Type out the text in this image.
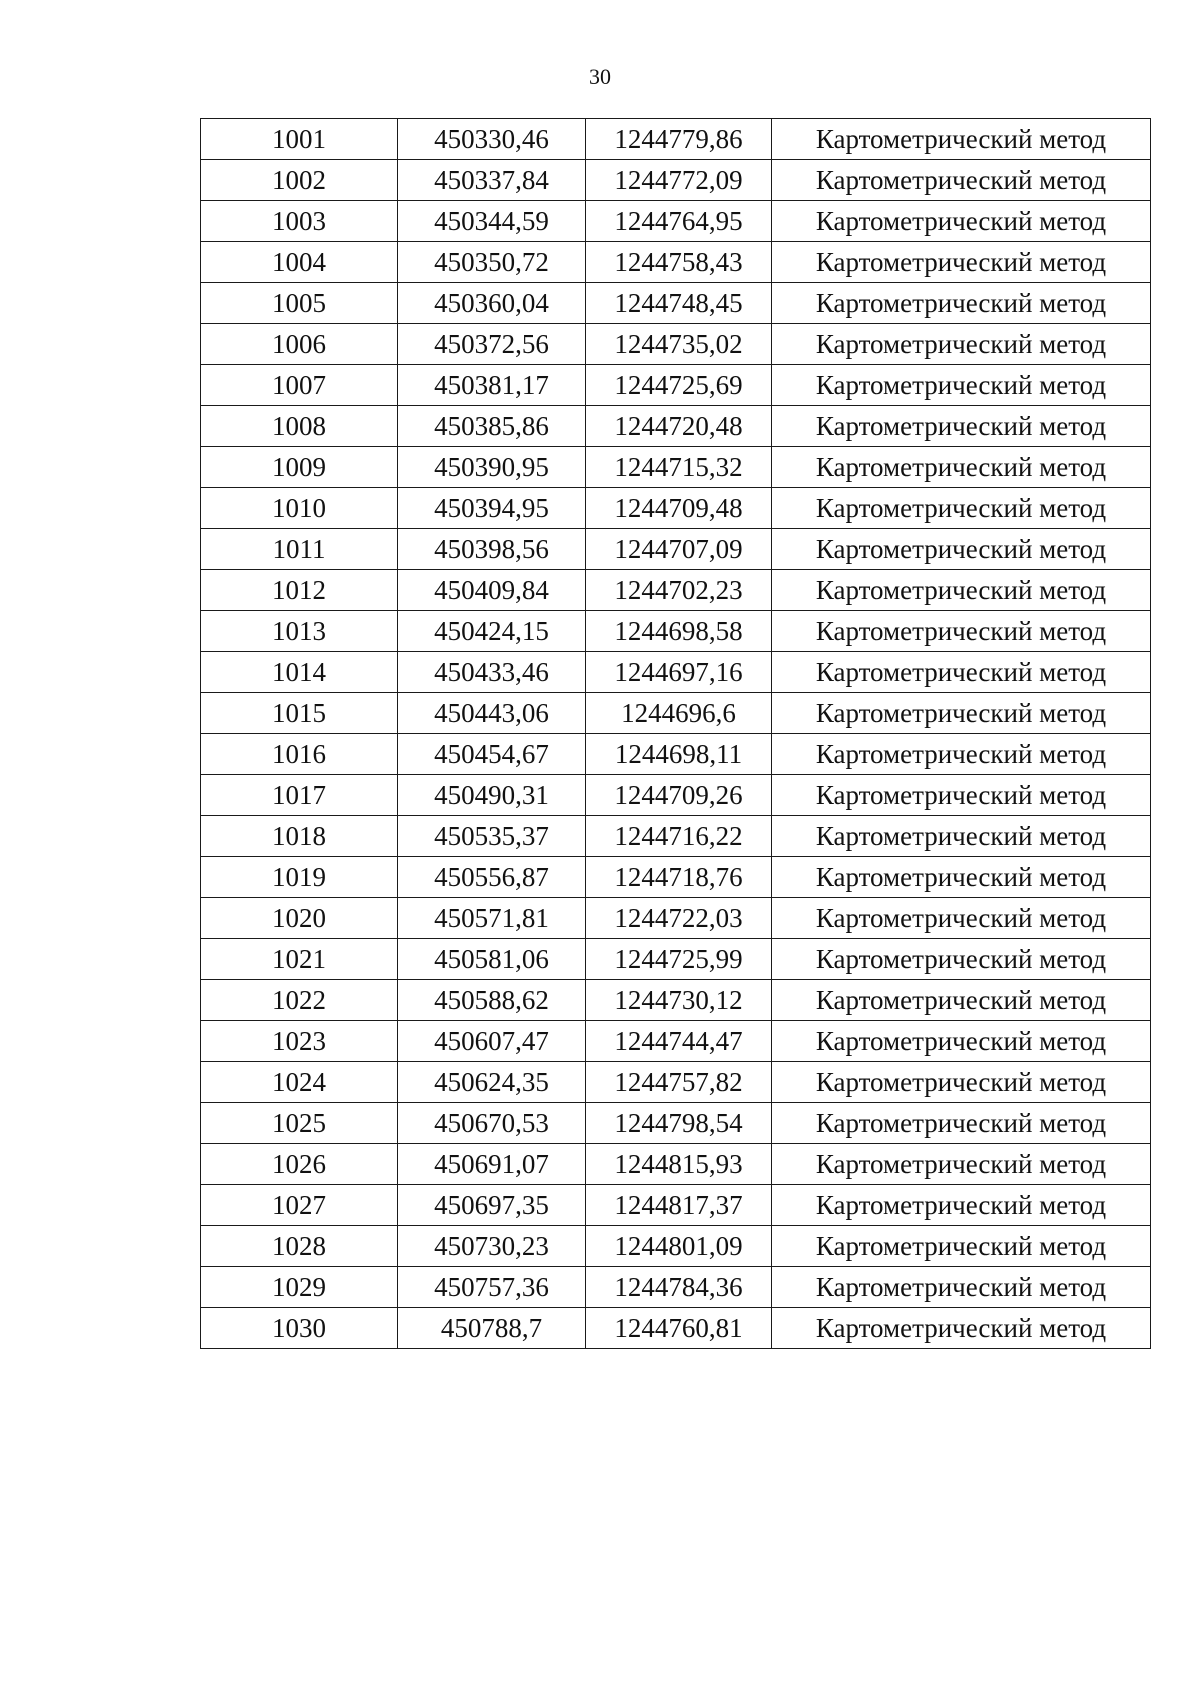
30
1001	450330,46	1244779,86	Картометрический метод
1002	450337,84	1244772,09	Картометрический метод
1003	450344,59	1244764,95	Картометрический метод
1004	450350,72	1244758,43	Картометрический метод
1005	450360,04	1244748,45	Картометрический метод
1006	450372,56	1244735,02	Картометрический метод
1007	450381,17	1244725,69	Картометрический метод
1008	450385,86	1244720,48	Картометрический метод
1009	450390,95	1244715,32	Картометрический метод
1010	450394,95	1244709,48	Картометрический метод
1011	450398,56	1244707,09	Картометрический метод
1012	450409,84	1244702,23	Картометрический метод
1013	450424,15	1244698,58	Картометрический метод
1014	450433,46	1244697,16	Картометрический метод
1015	450443,06	1244696,6	Картометрический метод
1016	450454,67	1244698,11	Картометрический метод
1017	450490,31	1244709,26	Картометрический метод
1018	450535,37	1244716,22	Картометрический метод
1019	450556,87	1244718,76	Картометрический метод
1020	450571,81	1244722,03	Картометрический метод
1021	450581,06	1244725,99	Картометрический метод
1022	450588,62	1244730,12	Картометрический метод
1023	450607,47	1244744,47	Картометрический метод
1024	450624,35	1244757,82	Картометрический метод
1025	450670,53	1244798,54	Картометрический метод
1026	450691,07	1244815,93	Картометрический метод
1027	450697,35	1244817,37	Картометрический метод
1028	450730,23	1244801,09	Картометрический метод
1029	450757,36	1244784,36	Картометрический метод
1030	450788,7	1244760,81	Картометрический метод
